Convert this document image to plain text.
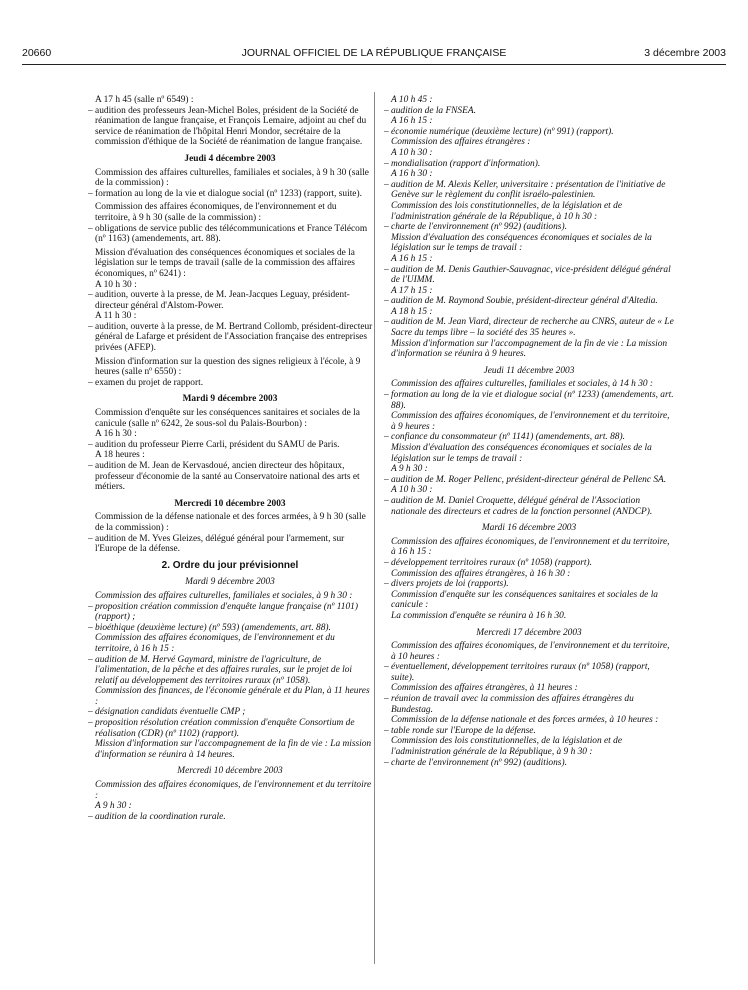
20660	JOURNAL OFFICIEL DE LA RÉPUBLIQUE FRANÇAISE	3 décembre 2003

A 17 h 45 (salle nº 6549) :

– audition des professeurs Jean-Michel Boles, président de la Société de réanimation de langue française, et François Lemaire, adjoint au chef du service de réanimation de l'hôpital Henri Mondor, secrétaire de la commission d'éthique de la Société de réanimation de langue française.

Jeudi 4 décembre 2003

Commission des affaires culturelles, familiales et sociales, à 9 h 30 (salle de la commission) :

– formation au long de la vie et dialogue social (nº 1233) (rapport, suite).

Commission des affaires économiques, de l'environnement et du territoire, à 9 h 30 (salle de la commission) :

– obligations de service public des télécommunications et France Télécom (nº 1163) (amendements, art. 88).

Mission d'évaluation des conséquences économiques et sociales de la législation sur le temps de travail (salle de la commission des affaires économiques, nº 6241) :

A 10 h 30 :

– audition, ouverte à la presse, de M. Jean-Jacques Leguay, président-directeur général d'Alstom-Power.

A 11 h 30 :

– audition, ouverte à la presse, de M. Bertrand Collomb, président-directeur général de Lafarge et président de l'Association française des entreprises privées (AFEP).

Mission d'information sur la question des signes religieux à l'école, à 9 heures (salle nº 6550) :

– examen du projet de rapport.

Mardi 9 décembre 2003

Commission d'enquête sur les conséquences sanitaires et sociales de la canicule (salle nº 6242, 2e sous-sol du Palais-Bourbon) :

A 16 h 30 :

– audition du professeur Pierre Carli, président du SAMU de Paris.

A 18 heures :

– audition de M. Jean de Kervasdoué, ancien directeur des hôpitaux, professeur d'économie de la santé au Conservatoire national des arts et métiers.

Mercredi 10 décembre 2003

Commission de la défense nationale et des forces armées, à 9 h 30 (salle de la commission) :

– audition de M. Yves Gleizes, délégué général pour l'armement, sur l'Europe de la défense.

2. Ordre du jour prévisionnel

Mardi 9 décembre 2003

Commission des affaires culturelles, familiales et sociales, à 9 h 30 :

– proposition création commission d'enquête langue française (nº 1101) (rapport) ;

– bioéthique (deuxième lecture) (nº 593) (amendements, art. 88).

Commission des affaires économiques, de l'environnement et du territoire, à 16 h 15 :

– audition de M. Hervé Gaymard, ministre de l'agriculture, de l'alimentation, de la pêche et des affaires rurales, sur le projet de loi relatif au développement des territoires ruraux (nº 1058).

Commission des finances, de l'économie générale et du Plan, à 11 heures :

– désignation candidats éventuelle CMP ;

– proposition résolution création commission d'enquête Consortium de réalisation (CDR) (nº 1102) (rapport).

Mission d'information sur l'accompagnement de la fin de vie : La mission d'information se réunira à 14 heures.

Mercredi 10 décembre 2003

Commission des affaires économiques, de l'environnement et du territoire :

A 9 h 30 :

– audition de la coordination rurale.

A 10 h 45 :

– audition de la FNSEA.

A 16 h 15 :

– économie numérique (deuxième lecture) (nº 991) (rapport).

Commission des affaires étrangères :

A 10 h 30 :

– mondialisation (rapport d'information).

A 16 h 30 :

– audition de M. Alexis Keller, universitaire : présentation de l'initiative de Genève sur le règlement du conflit israélo-palestinien.

Commission des lois constitutionnelles, de la législation et de l'administration générale de la République, à 10 h 30 :

– charte de l'environnement (nº 992) (auditions).

Mission d'évaluation des conséquences économiques et sociales de la législation sur le temps de travail :

A 16 h 15 :

– audition de M. Denis Gauthier-Sauvagnac, vice-président délégué général de l'UIMM.

A 17 h 15 :

– audition de M. Raymond Soubie, président-directeur général d'Altedia.

A 18 h 15 :

– audition de M. Jean Viard, directeur de recherche au CNRS, auteur de « Le Sacre du temps libre – la société des 35 heures ».

Mission d'information sur l'accompagnement de la fin de vie : La mission d'information se réunira à 9 heures.

Jeudi 11 décembre 2003

Commission des affaires culturelles, familiales et sociales, à 14 h 30 :

– formation au long de la vie et dialogue social (nº 1233) (amendements, art. 88).

Commission des affaires économiques, de l'environnement et du territoire, à 9 heures :

– confiance du consommateur (nº 1141) (amendements, art. 88).

Mission d'évaluation des conséquences économiques et sociales de la législation sur le temps de travail :

A 9 h 30 :

– audition de M. Roger Pellenc, président-directeur général de Pellenc SA.

A 10 h 30 :

– audition de M. Daniel Croquette, délégué général de l'Association nationale des directeurs et cadres de la fonction personnel (ANDCP).

Mardi 16 décembre 2003

Commission des affaires économiques, de l'environnement et du territoire, à 16 h 15 :

– développement territoires ruraux (nº 1058) (rapport).

Commission des affaires étrangères, à 16 h 30 :

– divers projets de loi (rapports).

Commission d'enquête sur les conséquences sanitaires et sociales de la canicule :

La commission d'enquête se réunira à 16 h 30.

Mercredi 17 décembre 2003

Commission des affaires économiques, de l'environnement et du territoire, à 10 heures :

– éventuellement, développement territoires ruraux (nº 1058) (rapport, suite).

Commission des affaires étrangères, à 11 heures :

– réunion de travail avec la commission des affaires étrangères du Bundestag.

Commission de la défense nationale et des forces armées, à 10 heures :

– table ronde sur l'Europe de la défense.

Commission des lois constitutionnelles, de la législation et de l'administration générale de la République, à 9 h 30 :

– charte de l'environnement (nº 992) (auditions).
